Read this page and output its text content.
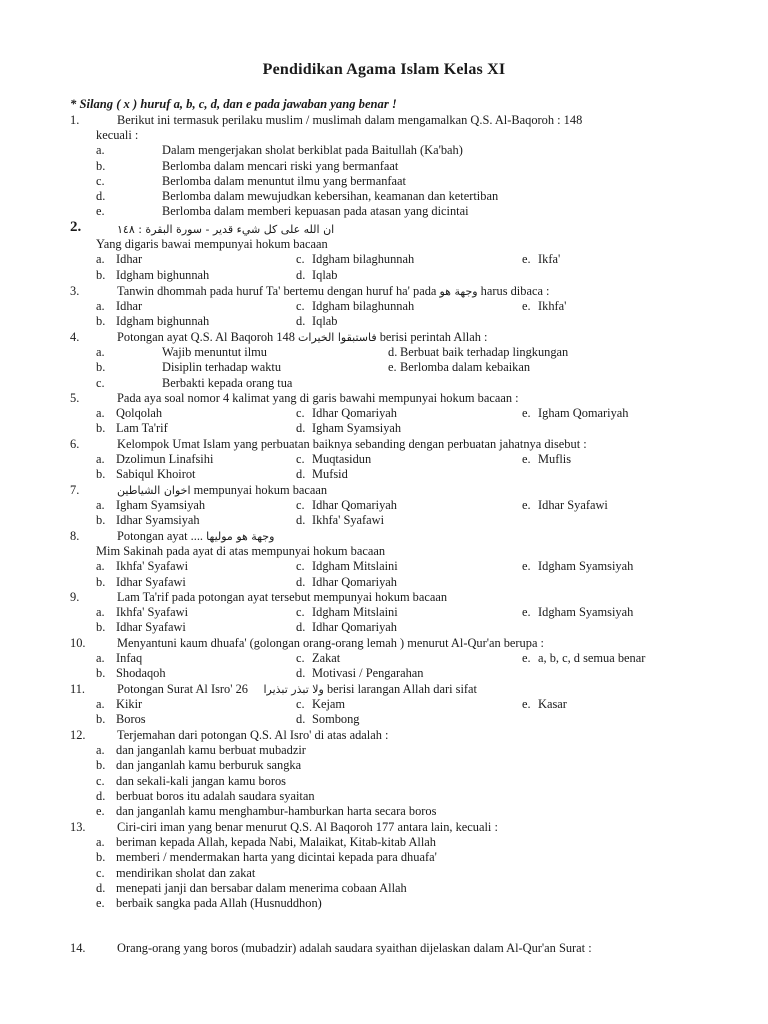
Pendidikan Agama Islam Kelas XI
* Silang ( x ) huruf a, b, c, d, dan e pada jawaban yang benar !
1.	Berikut ini termasuk perilaku muslim / muslimah dalam mengamalkan Q.S. Al-Baqoroh : 148
kecuali :
a.	Dalam mengerjakan sholat berkiblat pada Baitullah (Ka'bah)
b.	Berlomba dalam mencari riski yang bermanfaat
c.	Berlomba dalam menuntut ilmu yang bermanfaat
d.	Berlomba dalam mewujudkan kebersihan, keamanan dan ketertiban
e.	Berlomba dalam memberi kepuasan pada atasan yang dicintai
2.	ان الله على كل شيء قدير - سورة البقرة : ١٤٨
Yang digaris bawai mempunyai hokum bacaan
a. Idhar	c. Idgham bilaghunnah	e. Ikfa'
b. Idgham bighunnah	d. Iqlab
3.	Tanwin dhommah pada huruf Ta' bertemu dengan huruf ha' pada وجهة هو harus dibaca :
a. Idhar	c. Idgham bilaghunnah	e. Ikhfa'
b. Idgham bighunnah	d. Iqlab
4.	Potongan ayat Q.S. Al Baqoroh 148 فاستبقوا الخيرات berisi perintah Allah :
a.	Wajib menuntut ilmu	d. Berbuat baik terhadap lingkungan
b.	Disiplin terhadap waktu	e. Berlomba dalam kebaikan
c.	Berbakti kepada orang tua
5.	Pada aya soal nomor 4 kalimat yang di garis bawahi mempunyai hokum bacaan :
a. Qolqolah	c. Idhar Qomariyah	e. Igham Qomariyah
b. Lam Ta'rif	d. Igham Syamsiyah
6.	Kelompok Umat Islam yang perbuatan baiknya sebanding dengan perbuatan jahatnya disebut :
a. Dzolimun Linafsihi	c. Muqtasidun	e. Muflis
b. Sabiqul Khoirot	d. Mufsid
7.	اخوان الشياطين mempunyai hokum bacaan
a. Igham Syamsiyah	c. Idhar Qomariyah	e. Idhar Syafawi
b. Idhar Syamsiyah	d. Ikhfa' Syafawi
8.	Potongan ayat .... وجهة هو موليها
Mim Sakinah pada ayat di atas mempunyai hokum bacaan
a. Ikhfa' Syafawi	c. Idgham Mitslaini	e. Idgham Syamsiyah
b. Idhar Syafawi	d. Idhar Qomariyah
9.	Lam Ta'rif pada potongan ayat tersebut mempunyai hokum bacaan
a. Ikhfa' Syafawi	c. Idgham Mitslaini	e. Idgham Syamsiyah
b. Idhar Syafawi	d. Idhar Qomariyah
10.	Menyantuni kaum dhuafa' (golongan orang-orang lemah ) menurut Al-Qur'an berupa :
a. Infaq	c. Zakat	e. a, b, c, d semua benar
b. Shodaqoh	d. Motivasi / Pengarahan
11.	Potongan Surat Al Isro' 26 ولا تبذر تبذيرا berisi larangan Allah dari sifat
a. Kikir	c. Kejam	e. Kasar
b. Boros	d. Sombong
12.	Terjemahan dari potongan Q.S. Al Isro' di atas adalah :
a. dan janganlah kamu berbuat mubadzir
b. dan janganlah kamu berburuk sangka
c. dan sekali-kali jangan kamu boros
d. berbuat boros itu adalah saudara syaitan
e. dan janganlah kamu menghambur-hamburkan harta secara boros
13.	Ciri-ciri iman yang benar menurut Q.S. Al Baqoroh 177 antara lain, kecuali :
a. beriman kepada Allah, kepada Nabi, Malaikat, Kitab-kitab Allah
b. memberi / mendermakan harta yang dicintai kepada para dhuafa'
c. mendirikan sholat dan zakat
d. menepati janji dan bersabar dalam menerima cobaan Allah
e. berbaik sangka pada Allah (Husnuddhon)
14.	Orang-orang yang boros (mubadzir) adalah saudara syaithan dijelaskan dalam Al-Qur'an Surat :
